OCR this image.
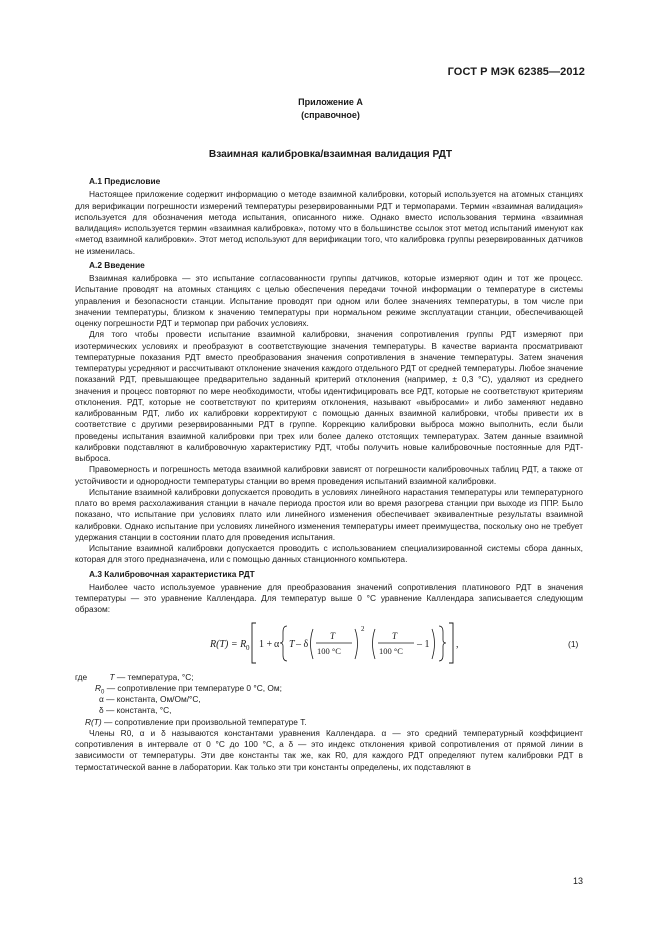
ГОСТ Р МЭК 62385—2012
Приложение А
(справочное)
Взаимная калибровка/взаимная валидация РДТ

А.1 Предисловие

Настоящее приложение содержит информацию о методе взаимной калибровки, который используется на атомных станциях для верификации погрешности измерений температуры резервированными РДТ и термопарами. Термин «взаимная валидация» используется для обозначения метода испытания, описанного ниже. Однако вместо использования термина «взаимная валидация» используется термин «взаимная калибровка», потому что в большинстве ссылок этот метод испытаний именуют как «метод взаимной калибровки». Этот метод используют для верификации того, что калибровка группы резервированных датчиков не изменилась.

А.2 Введение

Взаимная калибровка — это испытание согласованности группы датчиков, которые измеряют один и тот же процесс. Испытание проводят на атомных станциях с целью обеспечения передачи точной информации о температуре в системы управления и безопасности станции. Испытание проводят при одном или более значениях температуры, в том числе при значении температуры, близком к значению температуры при нормальном режиме эксплуатации станции, обеспечивающей оценку погрешности РДТ и термопар при рабочих условиях.

Для того чтобы провести испытание взаимной калибровки, значения сопротивления группы РДТ измеряют при изотермических условиях и преобразуют в соответствующие значения температуры. В качестве варианта просматривают температурные показания РДТ вместо преобразования значения сопротивления в значение температуры. Затем значения температуры усредняют и рассчитывают отклонение значения каждого отдельного РДТ от средней температуры. Любое значение показаний РДТ, превышающее предварительно заданный критерий отклонения (например, ± 0,3 °С), удаляют из среднего значения и процесс повторяют по мере необходимости, чтобы идентифицировать все РДТ, которые не соответствуют критериям отклонения. РДТ, которые не соответствуют по критериям отклонения, называют «выбросами» и либо заменяют недавно калиброванным РДТ, либо их калибровки корректируют с помощью данных взаимной калибровки, чтобы привести их в соответствие с другими резервированными РДТ в группе. Коррекцию калибровки выброса можно выполнить, если были проведены испытания взаимной калибровки при трех или более далеко отстоящих температурах. Затем данные взаимной калибровки подставляют в калибровочную характеристику РДТ, чтобы получить новые калибровочные постоянные для РДТ-выброса.

Правомерность и погрешность метода взаимной калибровки зависят от погрешности калибровочных таблиц РДТ, а также от устойчивости и однородности температуры станции во время проведения испытаний взаимной калибровки.

Испытание взаимной калибровки допускается проводить в условиях линейного нарастания температуры или температурного плато во время расхолаживания станции в начале периода простоя или во время разогрева станции при выходе из ППР. Было показано, что испытание при условиях плато или линейного изменения обеспечивает эквивалентные результаты взаимной калибровки. Однако испытание при условиях линейного изменения температуры имеет преимущества, поскольку оно не требует удержания станции в состоянии плато для проведения испытания.

Испытание взаимной калибровки допускается проводить с использованием специализированной системы сбора данных, которая для этого предназначена, или с помощью данных станционного компьютера.

А.3 Калибровочная характеристика РДТ

Наиболее часто используемое уравнение для преобразования значений сопротивления платинового РДТ в значения температуры — это уравнение Каллендара. Для температур выше 0 °С уравнение Каллендара записывается следующим образом:

R(T) = R 0 1 + α T – δ
T
100 °C
2
T
100 °C
– 1	,	(1)
где T — температура, °С;
$R_0$ — сопротивление при температуре 0 °С, Ом;
α — константа, Ом/Ом/°С,
δ — константа, °С,
R(T) — сопротивление при произвольной температуре T.

Члены R0, α и δ называются константами уравнения Каллендара. α — это средний температурный коэффициент сопротивления в интервале от 0 °С до 100 °С, а δ — это индекс отклонения кривой сопротивления от прямой линии в зависимости от температуры. Эти две константы так же, как R0, для каждого РДТ определяют путем калибровки РДТ в термостатической ванне в лаборатории. Как только эти три константы определены, их подставляют в

13
